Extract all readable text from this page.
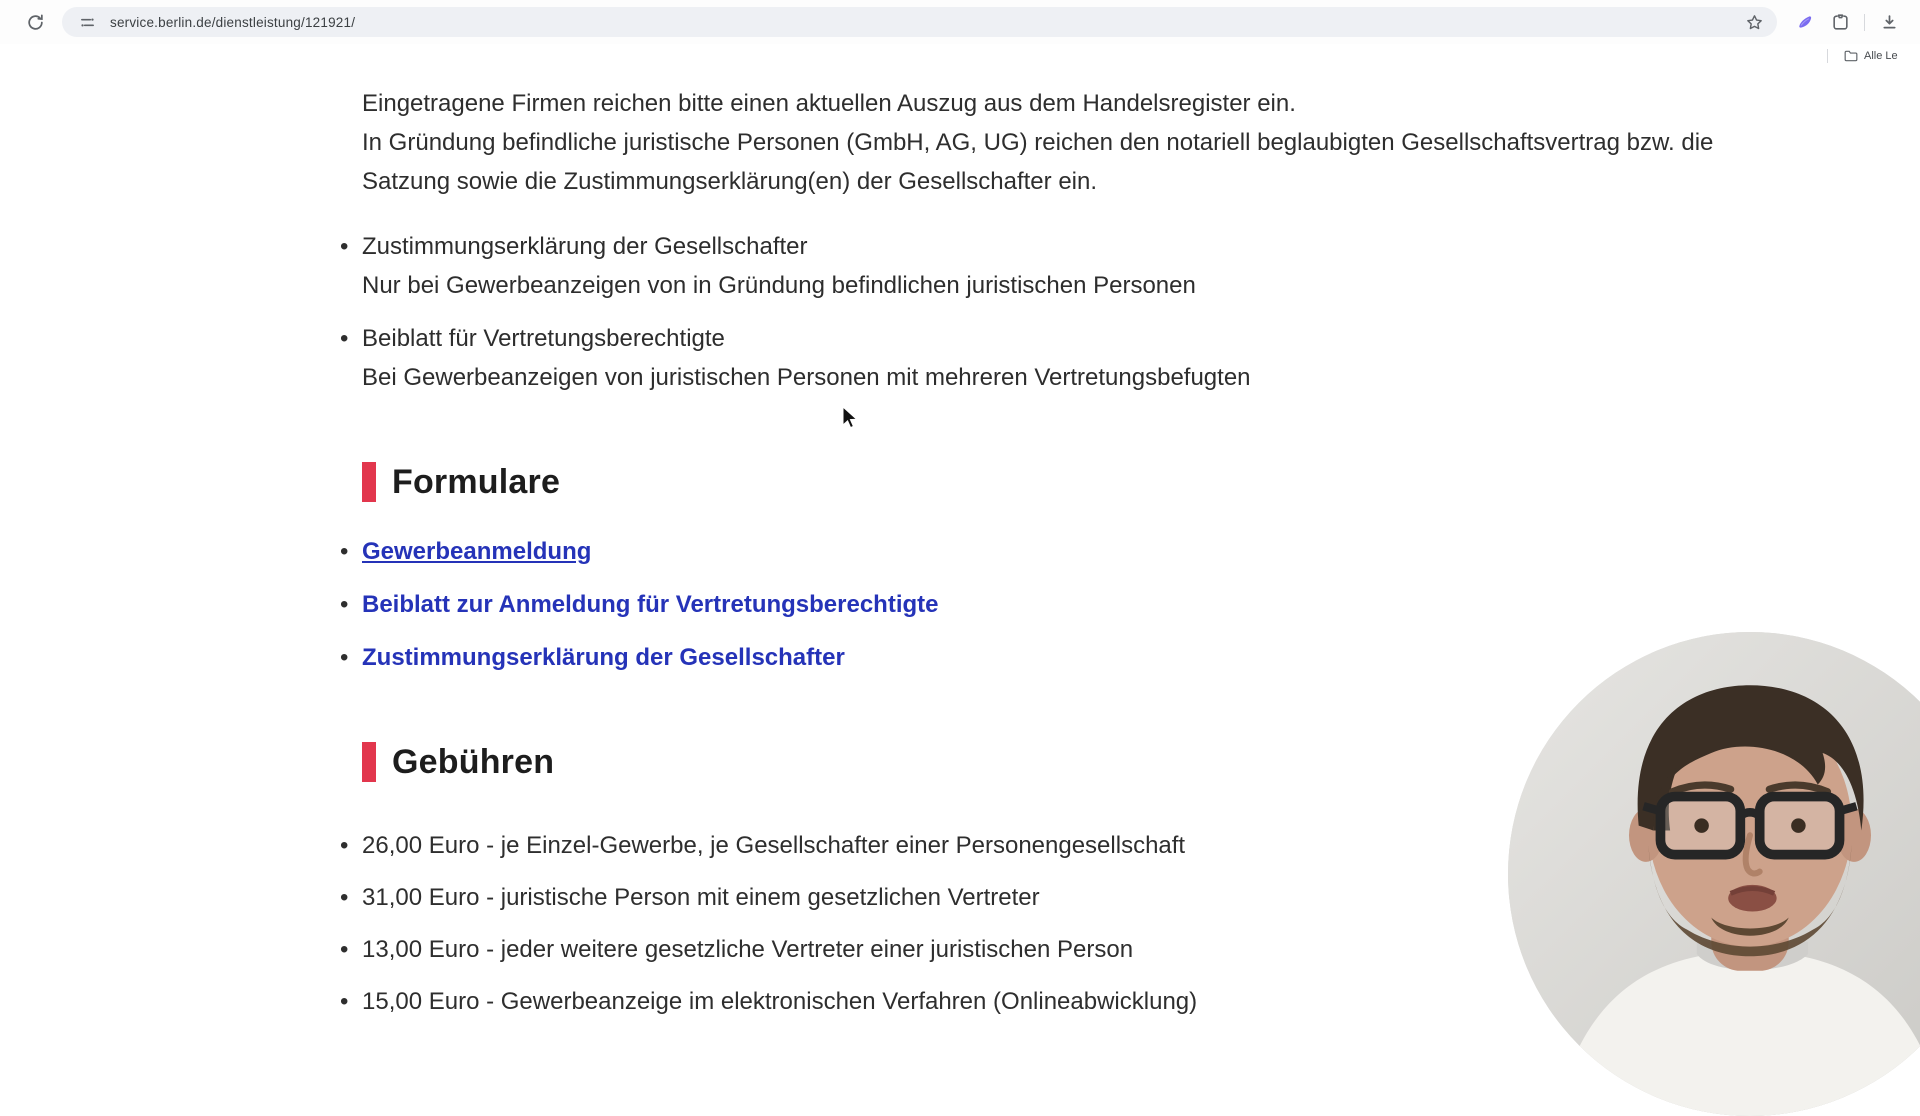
service.berlin.de/dienstleistung/121921/
Alle Le
Eingetragene Firmen reichen bitte einen aktuellen Auszug aus dem Handelsregister ein.
In Gründung befindliche juristische Personen (GmbH, AG, UG) reichen den notariell beglaubigten Gesellschaftsvertrag bzw. die
Satzung sowie die Zustimmungserklärung(en) der Gesellschafter ein.
• Zustimmungserklärung der Gesellschafter
Nur bei Gewerbeanzeigen von in Gründung befindlichen juristischen Personen
• Beiblatt für Vertretungsberechtigte
Bei Gewerbeanzeigen von juristischen Personen mit mehreren Vertretungsbefugten
Formulare
• Gewerbeanmeldung
• Beiblatt zur Anmeldung für Vertretungsberechtigte
• Zustimmungserklärung der Gesellschafter
Gebühren
• 26,00 Euro - je Einzel-Gewerbe, je Gesellschafter einer Personengesellschaft
• 31,00 Euro - juristische Person mit einem gesetzlichen Vertreter
• 13,00 Euro - jeder weitere gesetzliche Vertreter einer juristischen Person
• 15,00 Euro - Gewerbeanzeige im elektronischen Verfahren (Onlineabwicklung)
